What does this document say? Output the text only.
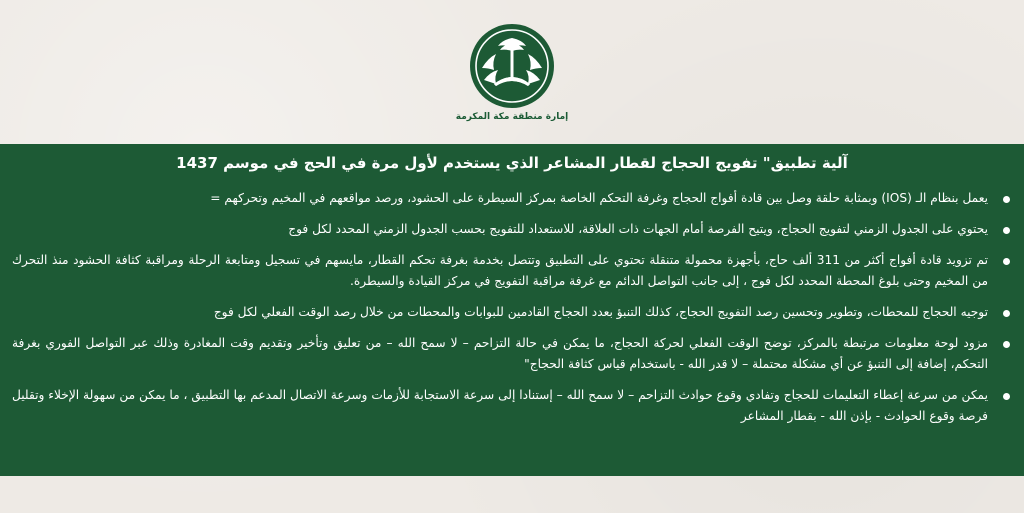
إمارة منطقة مكة المكرمة
آلية تطبيق" تفويج الحجاج لقطار المشاعر الذي يستخدم لأول مرة في الحج في موسم 1437
يعمل بنظام الـ (IOS) وبمثابة حلقة وصل بين قادة أفواج الحجاج وغرفة التحكم الخاصة بمركز السيطرة على الحشود، ورصد مواقعهم في المخيم وتحركهم =
يحتوي على الجدول الزمني لتفويج الحجاج، ويتيح الفرصة أمام الجهات ذات العلاقة، للاستعداد للتفويج بحسب الجدول الزمني المحدد لكل فوج
تم تزويد قادة أفواج أكثر من 311 ألف حاج، بأجهزة محمولة متنقلة تحتوي على التطبيق وتتصل بخدمة بغرفة تحكم القطار، مايسهم في تسجيل ومتابعة الرحلة ومراقبة كثافة الحشود منذ التحرك من المخيم وحتى بلوغ المحطة المحدد لكل فوج ، إلى جانب التواصل الدائم مع غرفة مراقبة التفويج في مركز القيادة والسيطرة.
توجيه الحجاج للمحطات، وتطوير وتحسين رصد التفويج الحجاج، كذلك التنبؤ بعدد الحجاج القادمين للبوابات والمحطات من خلال رصد الوقت الفعلي لكل فوج
مزود لوحة معلومات مرتبطة بالمركز، توضح الوقت الفعلي لحركة الحجاج، ما يمكن في حالة التزاحم – لا سمح الله – من تعليق وتأخير وتقديم وقت المغادرة وذلك عبر التواصل الفوري بغرفة التحكم، إضافة إلى التنبؤ عن أي مشكلة محتملة – لا قدر الله - باستخدام قياس كثافة الحجاج"
يمكن من سرعة إعطاء التعليمات للحجاج وتفادي وقوع حوادث التزاحم – لا سمح الله – إستنادا إلى سرعة الاستجابة للأزمات وسرعة الاتصال المدعم بها التطبيق ، ما يمكن من سهولة الإخلاء وتقليل فرصة وقوع الحوادث - بإذن الله - بقطار المشاعر
